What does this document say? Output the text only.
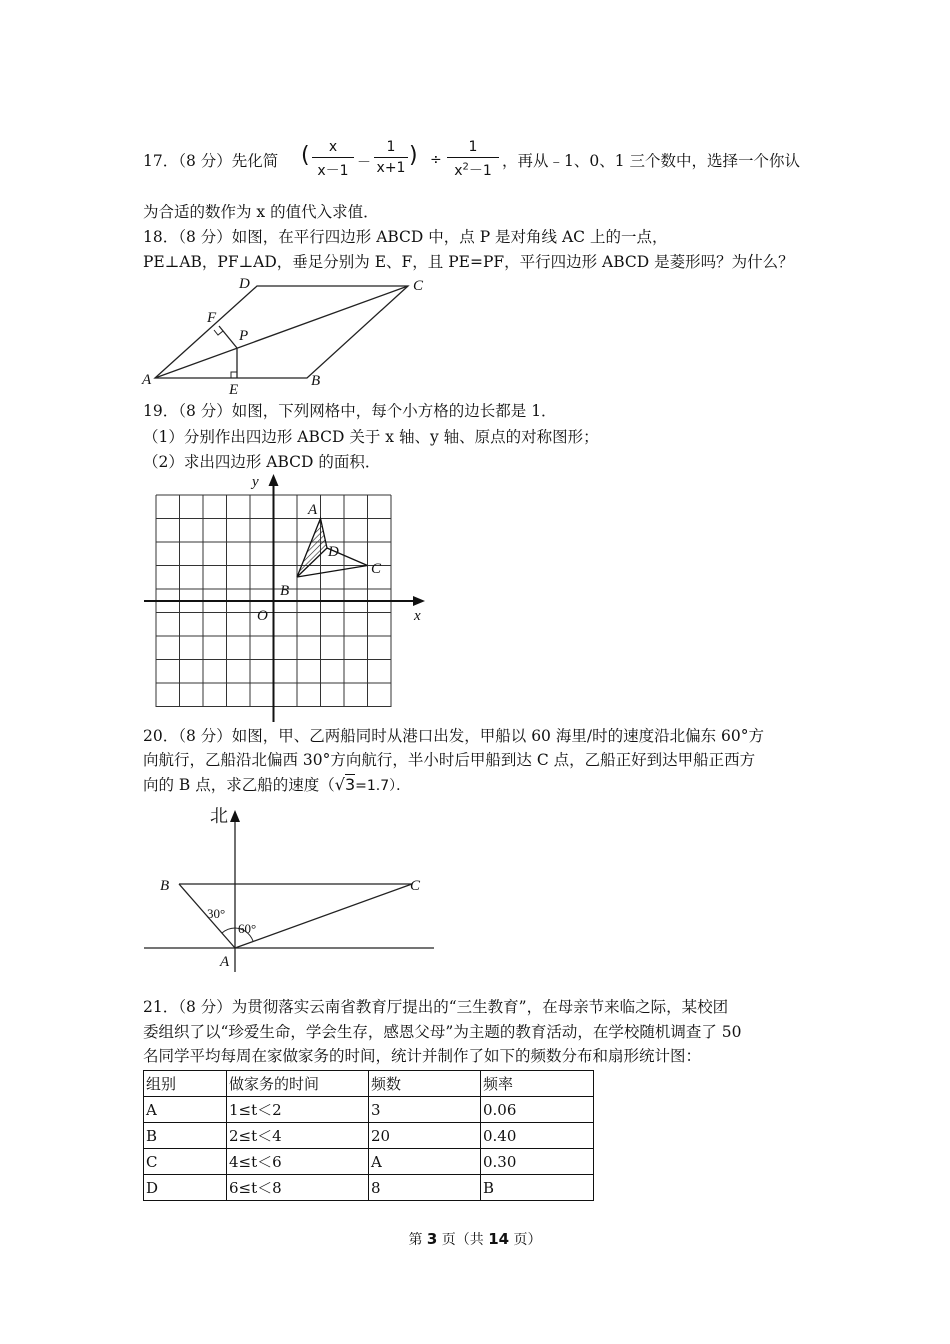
17．（8 分）先化简 (	x
x－1 －
1
x+1 ) ÷
1
$x^2-1$
，再从﹣1、0、1 三个数中，选择一个你认
为合适的数作为 x 的值代入求值．
18．（8 分）如图，在平行四边形 ABCD 中，点 P 是对角线 AC 上的一点，
PE⊥AB，PF⊥AD，垂足分别为 E、F，且 PE=PF，平行四边形 ABCD 是菱形吗？为什么？
A	B
C
D
E
F
P
19．（8 分）如图，下列网格中，每个小方格的边长都是 1．
（1）分别作出四边形 ABCD 关于 x 轴、y 轴、原点的对称图形；
（2）求出四边形 ABCD 的面积．
y
x
O
A
B
C
D
20．（8 分）如图，甲、乙两船同时从港口出发，甲船以 60 海里/时的速度沿北偏东 60°方
向航行，乙船沿北偏西 30°方向航行，半小时后甲船到达 C 点，乙船正好到达甲船正西方
向的 B 点，求乙船的速度（√3=1.7）．
北
A
B	C
30°
60°
21．（8 分）为贯彻落实云南省教育厅提出的“三生教育”，在母亲节来临之际，某校团
委组织了以“珍爱生命，学会生存，感恩父母”为主题的教育活动，在学校随机调查了 50
名同学平均每周在家做家务的时间，统计并制作了如下的频数分布和扇形统计图：
组别	做家务的时间	频数	频率
A	1≤t＜2	3	0.06
B	2≤t＜4	20	0.40
C	4≤t＜6	A	0.30
D	6≤t＜8	8	B
第 3 页（共 14 页）
